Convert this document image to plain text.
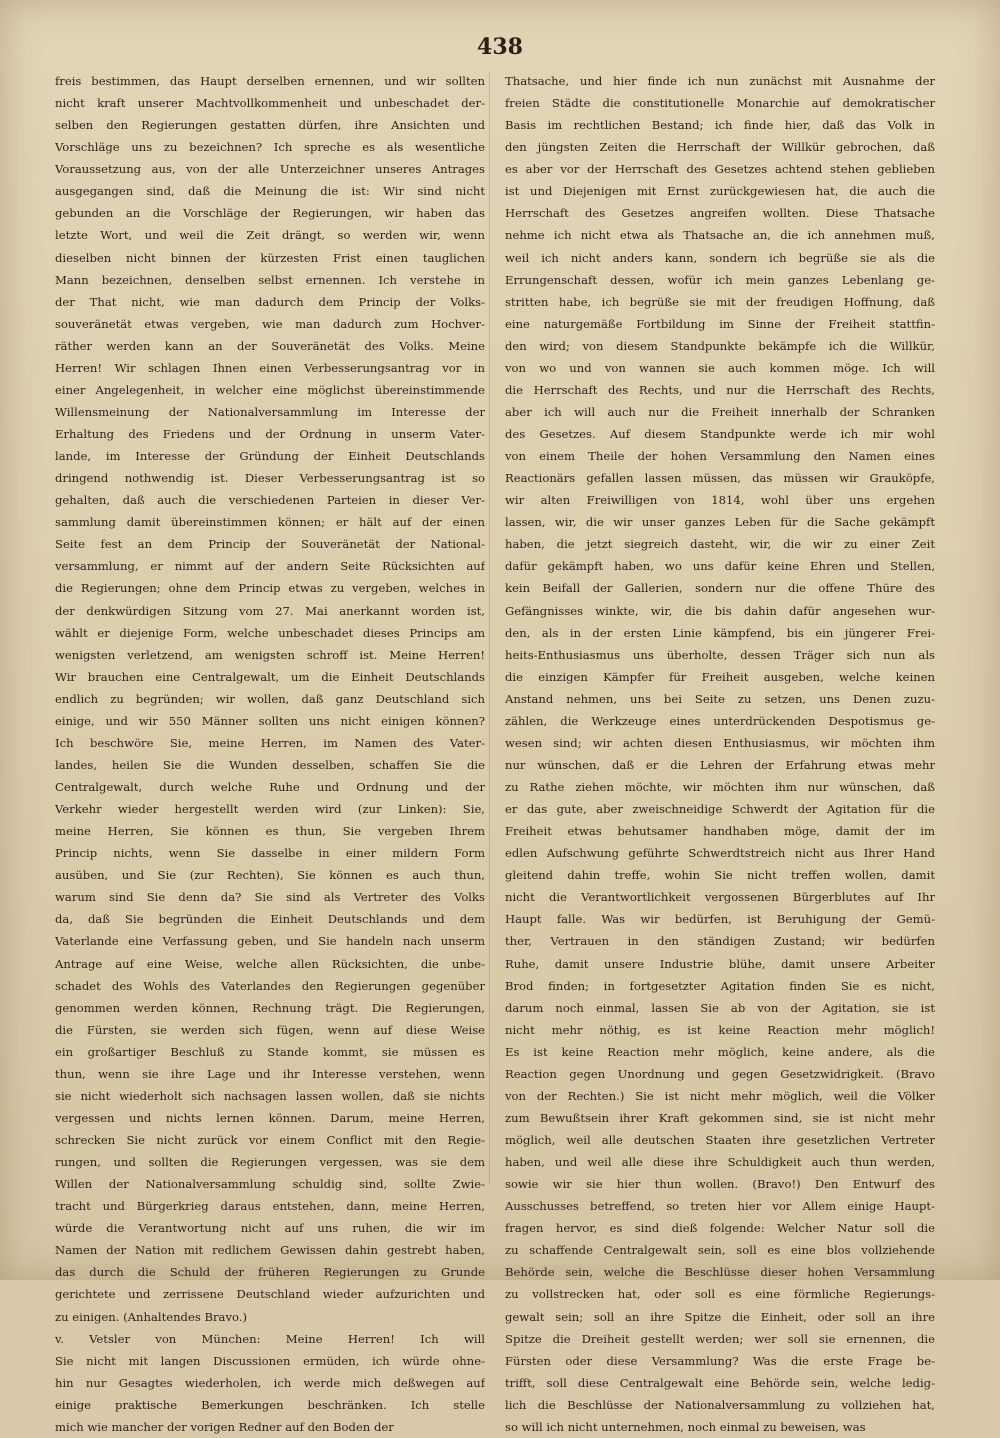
438
freis bestimmen, das Haupt derselben ernennen, und wir sollten
nicht kraft unserer Machtvollkommenheit und unbeschadet der-
selben den Regierungen gestatten dürfen, ihre Ansichten und
Vorschläge uns zu bezeichnen? Ich spreche es als wesentliche
Voraussetzung aus, von der alle Unterzeichner unseres Antrages
ausgegangen sind, daß die Meinung die ist: Wir sind nicht
gebunden an die Vorschläge der Regierungen, wir haben das
letzte Wort, und weil die Zeit drängt, so werden wir, wenn
dieselben nicht binnen der kürzesten Frist einen tauglichen
Mann bezeichnen, denselben selbst ernennen. Ich verstehe in
der That nicht, wie man dadurch dem Princip der Volks-
souveränetät etwas vergeben, wie man dadurch zum Hochver-
räther werden kann an der Souveränetät des Volks. Meine
Herren! Wir schlagen Ihnen einen Verbesserungsantrag vor in
einer Angelegenheit, in welcher eine möglichst übereinstimmende
Willensmeinung der Nationalversammlung im Interesse der
Erhaltung des Friedens und der Ordnung in unserm Vater-
lande, im Interesse der Gründung der Einheit Deutschlands
dringend nothwendig ist. Dieser Verbesserungsantrag ist so
gehalten, daß auch die verschiedenen Parteien in dieser Ver-
sammlung damit übereinstimmen können; er hält auf der einen
Seite fest an dem Princip der Souveränetät der National-
versammlung, er nimmt auf der andern Seite Rücksichten auf
die Regierungen; ohne dem Princip etwas zu vergeben, welches in
der denkwürdigen Sitzung vom 27. Mai anerkannt worden ist,
wählt er diejenige Form, welche unbeschadet dieses Princips am
wenigsten verletzend, am wenigsten schroff ist. Meine Herren!
Wir brauchen eine Centralgewalt, um die Einheit Deutschlands
endlich zu begründen; wir wollen, daß ganz Deutschland sich
einige, und wir 550 Männer sollten uns nicht einigen können?
Ich beschwöre Sie, meine Herren, im Namen des Vater-
landes, heilen Sie die Wunden desselben, schaffen Sie die
Centralgewalt, durch welche Ruhe und Ordnung und der
Verkehr wieder hergestellt werden wird (zur Linken): Sie,
meine Herren, Sie können es thun, Sie vergeben Ihrem
Princip nichts, wenn Sie dasselbe in einer mildern Form
ausüben, und Sie (zur Rechten), Sie können es auch thun,
warum sind Sie denn da? Sie sind als Vertreter des Volks
da, daß Sie begründen die Einheit Deutschlands und dem
Vaterlande eine Verfassung geben, und Sie handeln nach unserm
Antrage auf eine Weise, welche allen Rücksichten, die unbe-
schadet des Wohls des Vaterlandes den Regierungen gegenüber
genommen werden können, Rechnung trägt. Die Regierungen,
die Fürsten, sie werden sich fügen, wenn auf diese Weise
ein großartiger Beschluß zu Stande kommt, sie müssen es
thun, wenn sie ihre Lage und ihr Interesse verstehen, wenn
sie nicht wiederholt sich nachsagen lassen wollen, daß sie nichts
vergessen und nichts lernen können. Darum, meine Herren,
schrecken Sie nicht zurück vor einem Conflict mit den Regie-
rungen, und sollten die Regierungen vergessen, was sie dem
Willen der Nationalversammlung schuldig sind, sollte Zwie-
tracht und Bürgerkrieg daraus entstehen, dann, meine Herren,
würde die Verantwortung nicht auf uns ruhen, die wir im
Namen der Nation mit redlichem Gewissen dahin gestrebt haben,
das durch die Schuld der früheren Regierungen zu Grunde
gerichtete und zerrissene Deutschland wieder aufzurichten und
zu einigen. (Anhaltendes Bravo.)
v. Vetsler von München: Meine Herren! Ich will
Sie nicht mit langen Discussionen ermüden, ich würde ohne-
hin nur Gesagtes wiederholen, ich werde mich deßwegen auf
einige praktische Bemerkungen beschränken. Ich stelle
mich wie mancher der vorigen Redner auf den Boden der
Thatsache, und hier finde ich nun zunächst mit Ausnahme der
freien Städte die constitutionelle Monarchie auf demokratischer
Basis im rechtlichen Bestand; ich finde hier, daß das Volk in
den jüngsten Zeiten die Herrschaft der Willkür gebrochen, daß
es aber vor der Herrschaft des Gesetzes achtend stehen geblieben
ist und Diejenigen mit Ernst zurückgewiesen hat, die auch die
Herrschaft des Gesetzes angreifen wollten. Diese Thatsache
nehme ich nicht etwa als Thatsache an, die ich annehmen muß,
weil ich nicht anders kann, sondern ich begrüße sie als die
Errungenschaft dessen, wofür ich mein ganzes Lebenlang ge-
stritten habe, ich begrüße sie mit der freudigen Hoffnung, daß
eine naturgemäße Fortbildung im Sinne der Freiheit stattfin-
den wird; von diesem Standpunkte bekämpfe ich die Willkür,
von wo und von wannen sie auch kommen möge. Ich will
die Herrschaft des Rechts, und nur die Herrschaft des Rechts,
aber ich will auch nur die Freiheit innerhalb der Schranken
des Gesetzes. Auf diesem Standpunkte werde ich mir wohl
von einem Theile der hohen Versammlung den Namen eines
Reactionärs gefallen lassen müssen, das müssen wir Grauköpfe,
wir alten Freiwilligen von 1814, wohl über uns ergehen
lassen, wir, die wir unser ganzes Leben für die Sache gekämpft
haben, die jetzt siegreich dasteht, wir, die wir zu einer Zeit
dafür gekämpft haben, wo uns dafür keine Ehren und Stellen,
kein Beifall der Gallerien, sondern nur die offene Thüre des
Gefängnisses winkte, wir, die bis dahin dafür angesehen wur-
den, als in der ersten Linie kämpfend, bis ein jüngerer Frei-
heits-Enthusiasmus uns überholte, dessen Träger sich nun als
die einzigen Kämpfer für Freiheit ausgeben, welche keinen
Anstand nehmen, uns bei Seite zu setzen, uns Denen zuzu-
zählen, die Werkzeuge eines unterdrückenden Despotismus ge-
wesen sind; wir achten diesen Enthusiasmus, wir möchten ihm
nur wünschen, daß er die Lehren der Erfahrung etwas mehr
zu Rathe ziehen möchte, wir möchten ihm nur wünschen, daß
er das gute, aber zweischneidige Schwerdt der Agitation für die
Freiheit etwas behutsamer handhaben möge, damit der im
edlen Aufschwung geführte Schwerdtstreich nicht aus Ihrer Hand
gleitend dahin treffe, wohin Sie nicht treffen wollen, damit
nicht die Verantwortlichkeit vergossenen Bürgerblutes auf Ihr
Haupt falle. Was wir bedürfen, ist Beruhigung der Gemü-
ther, Vertrauen in den ständigen Zustand; wir bedürfen
Ruhe, damit unsere Industrie blühe, damit unsere Arbeiter
Brod finden; in fortgesetzter Agitation finden Sie es nicht,
darum noch einmal, lassen Sie ab von der Agitation, sie ist
nicht mehr nöthig, es ist keine Reaction mehr möglich!
Es ist keine Reaction mehr möglich, keine andere, als die
Reaction gegen Unordnung und gegen Gesetzwidrigkeit. (Bravo
von der Rechten.) Sie ist nicht mehr möglich, weil die Völker
zum Bewußtsein ihrer Kraft gekommen sind, sie ist nicht mehr
möglich, weil alle deutschen Staaten ihre gesetzlichen Vertreter
haben, und weil alle diese ihre Schuldigkeit auch thun werden,
sowie wir sie hier thun wollen. (Bravo!) Den Entwurf des
Ausschusses betreffend, so treten hier vor Allem einige Haupt-
fragen hervor, es sind dieß folgende: Welcher Natur soll die
zu schaffende Centralgewalt sein, soll es eine blos vollziehende
Behörde sein, welche die Beschlüsse dieser hohen Versammlung
zu vollstrecken hat, oder soll es eine förmliche Regierungs-
gewalt sein; soll an ihre Spitze die Einheit, oder soll an ihre
Spitze die Dreiheit gestellt werden; wer soll sie ernennen, die
Fürsten oder diese Versammlung? Was die erste Frage be-
trifft, soll diese Centralgewalt eine Behörde sein, welche ledig-
lich die Beschlüsse der Nationalversammlung zu vollziehen hat,
so will ich nicht unternehmen, noch einmal zu beweisen, was
